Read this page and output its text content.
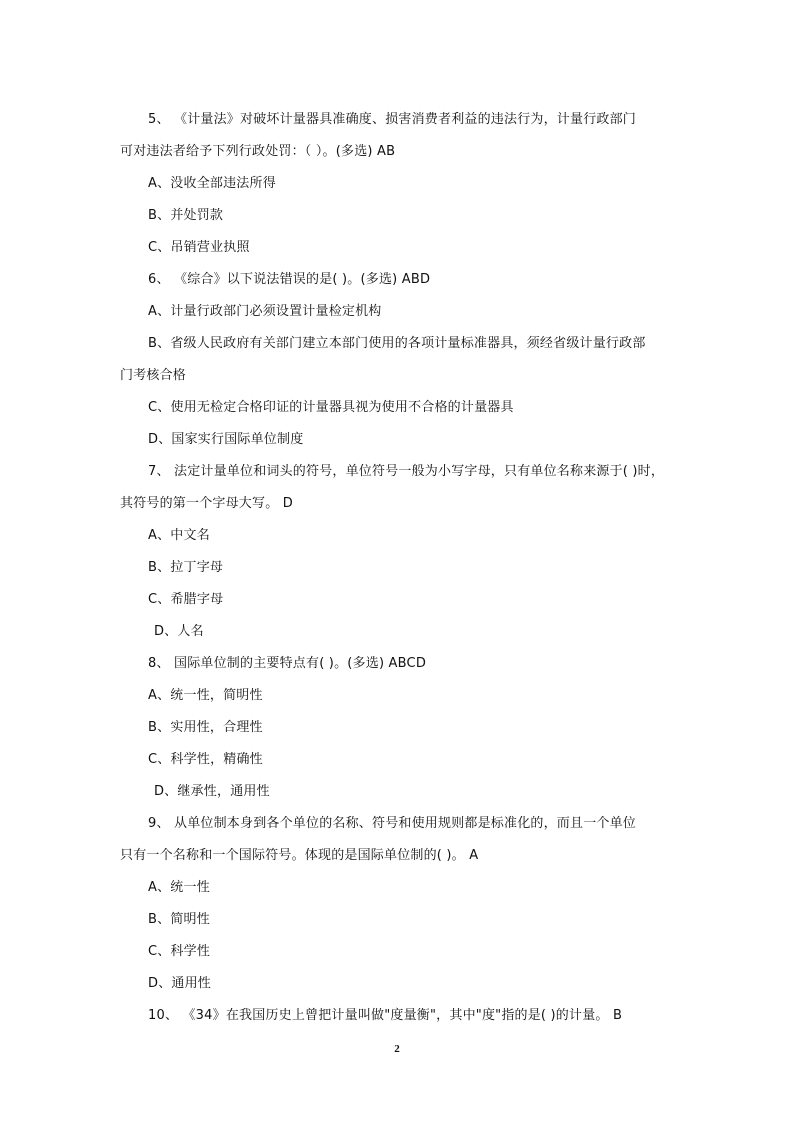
5、 《计量法》对破坏计量器具准确度、损害消费者利益的违法行为，计量行政部门
可对违法者给予下列行政处罚：（ ）。(多选) AB
A、没收全部违法所得
B、并处罚款
C、吊销营业执照
6、 《综合》以下说法错误的是( )。(多选) ABD
A、计量行政部门必须设置计量检定机构
B、省级人民政府有关部门建立本部门使用的各项计量标准器具，须经省级计量行政部
门考核合格
C、使用无检定合格印证的计量器具视为使用不合格的计量器具
D、国家实行国际单位制度
7、 法定计量单位和词头的符号，单位符号一般为小写字母，只有单位名称来源于( )时，
其符号的第一个字母大写。 D
A、中文名
B、拉丁字母
C、希腊字母
D、人名
8、 国际单位制的主要特点有( )。(多选) ABCD
A、统一性，简明性
B、实用性，合理性
C、科学性，精确性
D、继承性，通用性
9、 从单位制本身到各个单位的名称、符号和使用规则都是标准化的，而且一个单位
只有一个名称和一个国际符号。体现的是国际单位制的( )。 A
A、统一性
B、简明性
C、科学性
D、通用性
10、 《34》在我国历史上曾把计量叫做"度量衡"，其中"度"指的是( )的计量。 B
2
